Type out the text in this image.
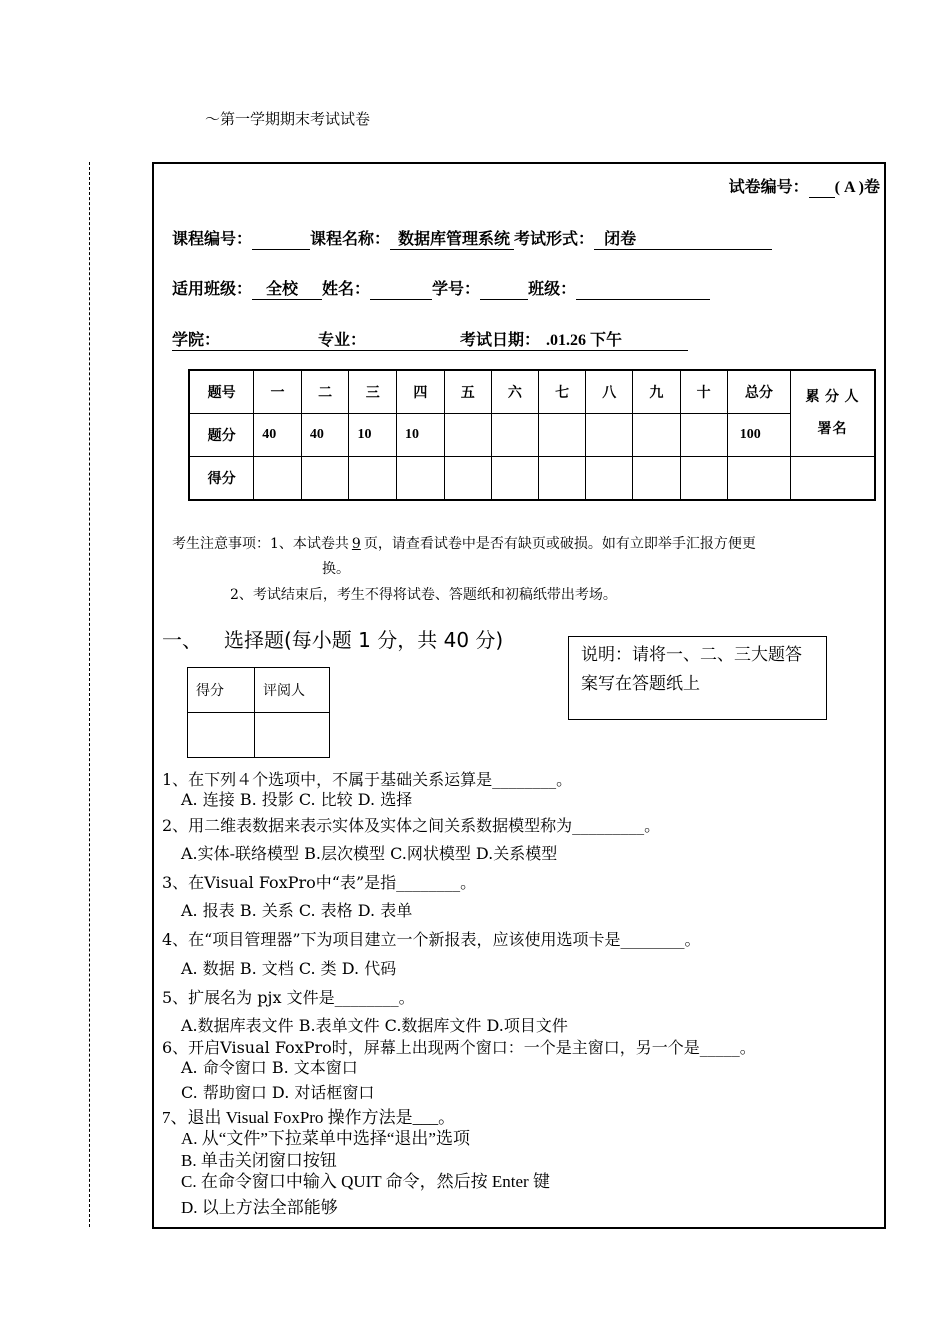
～第一学期期末考试试卷
试卷编号： ( A )卷
课程编号：	课程名称： 数据库管理系统 考试形式： 闭卷
适用班级： 全校 姓名：	学号：	班级：
学院：	专业：	考试日期： .01.26 下午
题号	一	二	三	四	五	六	七	八	九	十	总分	累 分 人 署名
题分	40	40	10	10							100	
得分												
考生注意事项：1、本试卷共 9 页，请查看试卷中是否有缺页或破损。如有立即举手汇报方便更
换。
2、考试结束后，考生不得将试卷、答题纸和初稿纸带出考场。
一、 选择题(每小题 1 分，共 40 分)
说明：请将一、二、三大题答案写在答题纸上
得分	评阅人

1、在下列４个选项中，不属于基础关系运算是________。
A. 连接 B. 投影 C. 比较 D. 选择
2、用二维表数据来表示实体及实体之间关系数据模型称为_________。
A.实体-联络模型 B.层次模型 C.网状模型 D.关系模型
3、在Visual FoxPro中“表”是指________。
A. 报表 B. 关系 C. 表格 D. 表单
4、在“项目管理器”下为项目建立一个新报表，应该使用选项卡是________。
A. 数据 B. 文档 C. 类 D. 代码
5、扩展名为 pjx 文件是________。
A.数据库表文件 B.表单文件 C.数据库文件 D.项目文件
6、开启Visual FoxPro时，屏幕上出现两个窗口：一个是主窗口，另一个是_____。
A. 命令窗口 B. 文本窗口
C. 帮助窗口 D. 对话框窗口
7、退出 Visual FoxPro 操作方法是___。
A. 从“文件”下拉菜单中选择“退出”选项
B. 单击关闭窗口按钮
C. 在命令窗口中输入 QUIT 命令，然后按 Enter 键
D. 以上方法全部能够
